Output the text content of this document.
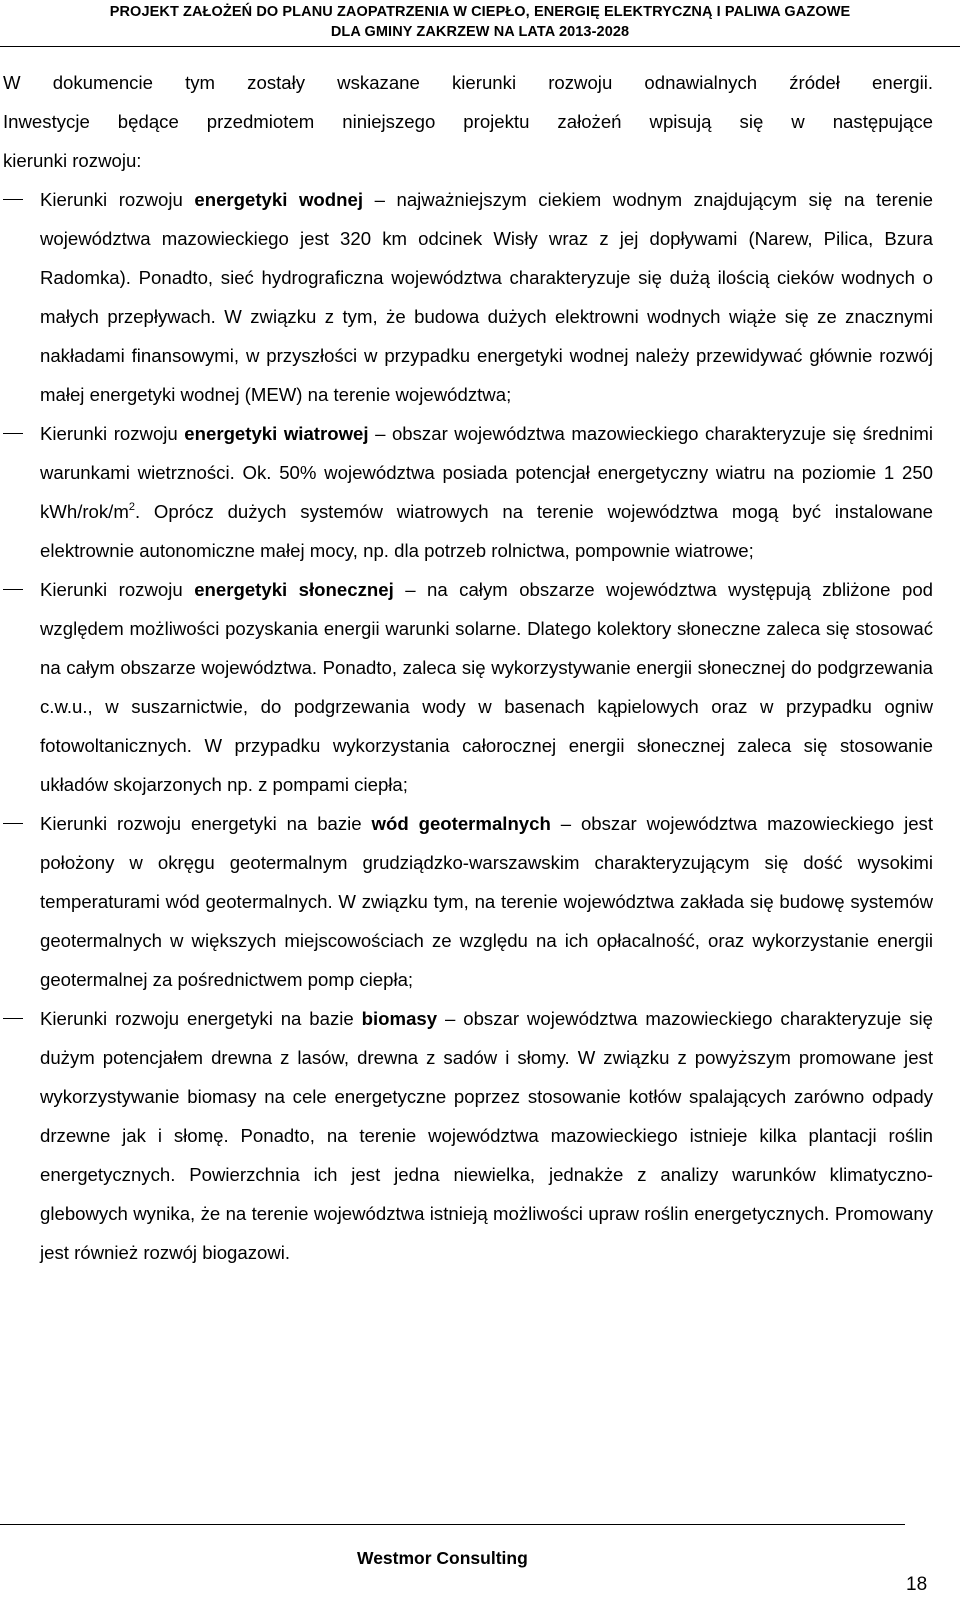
PROJEKT ZAŁOŻEŃ DO PLANU ZAOPATRZENIA W CIEPŁO, ENERGIĘ ELEKTRYCZNĄ I PALIWA GAZOWE
DLA GMINY ZAKRZEW NA LATA 2013-2028

W dokumencie tym zostały wskazane kierunki rozwoju odnawialnych źródeł energii.
Inwestycje będące przedmiotem niniejszego projektu założeń wpisują się w następujące
kierunki rozwoju:

Kierunki rozwoju energetyki wodnej – najważniejszym ciekiem wodnym znajdującym się na terenie województwa mazowieckiego jest 320 km odcinek Wisły wraz z jej dopływami (Narew, Pilica, Bzura Radomka). Ponadto, sieć hydrograficzna województwa charakteryzuje się dużą ilością cieków wodnych o małych przepływach. W związku z tym, że budowa dużych elektrowni wodnych wiąże się ze znacznymi nakładami finansowymi, w przyszłości w przypadku energetyki wodnej należy przewidywać głównie rozwój małej energetyki wodnej (MEW) na terenie województwa;
Kierunki rozwoju energetyki wiatrowej – obszar województwa mazowieckiego charakteryzuje się średnimi warunkami wietrzności. Ok. 50% województwa posiada potencjał energetyczny wiatru na poziomie 1 250 kWh/$rok/m^2$. Oprócz dużych systemów wiatrowych na terenie województwa mogą być instalowane elektrownie autonomiczne małej mocy, np. dla potrzeb rolnictwa, pompownie wiatrowe;
Kierunki rozwoju energetyki słonecznej – na całym obszarze województwa występują zbliżone pod względem możliwości pozyskania energii warunki solarne. Dlatego kolektory słoneczne zaleca się stosować na całym obszarze województwa. Ponadto, zaleca się wykorzystywanie energii słonecznej do podgrzewania c.w.u., w suszarnictwie, do podgrzewania wody w basenach kąpielowych oraz w przypadku ogniw fotowoltanicznych. W przypadku wykorzystania całorocznej energii słonecznej zaleca się stosowanie układów skojarzonych np. z pompami ciepła;
Kierunki rozwoju energetyki na bazie wód geotermalnych – obszar województwa mazowieckiego jest położony w okręgu geotermalnym grudziądzko-warszawskim charakteryzującym się dość wysokimi temperaturami wód geotermalnych. W związku tym, na terenie województwa zakłada się budowę systemów geotermalnych w większych miejscowościach ze względu na ich opłacalność, oraz wykorzystanie energii geotermalnej za pośrednictwem pomp ciepła;
Kierunki rozwoju energetyki na bazie biomasy – obszar województwa mazowieckiego charakteryzuje się dużym potencjałem drewna z lasów, drewna z sadów i słomy. W związku z powyższym promowane jest wykorzystywanie biomasy na cele energetyczne poprzez stosowanie kotłów spalających zarówno odpady drzewne jak i słomę. Ponadto, na terenie województwa mazowieckiego istnieje kilka plantacji roślin energetycznych. Powierzchnia ich jest jedna niewielka, jednakże z analizy warunków klimatyczno-glebowych wynika, że na terenie województwa istnieją możliwości upraw roślin energetycznych. Promowany jest również rozwój biogazowi.
Westmor Consulting
18
